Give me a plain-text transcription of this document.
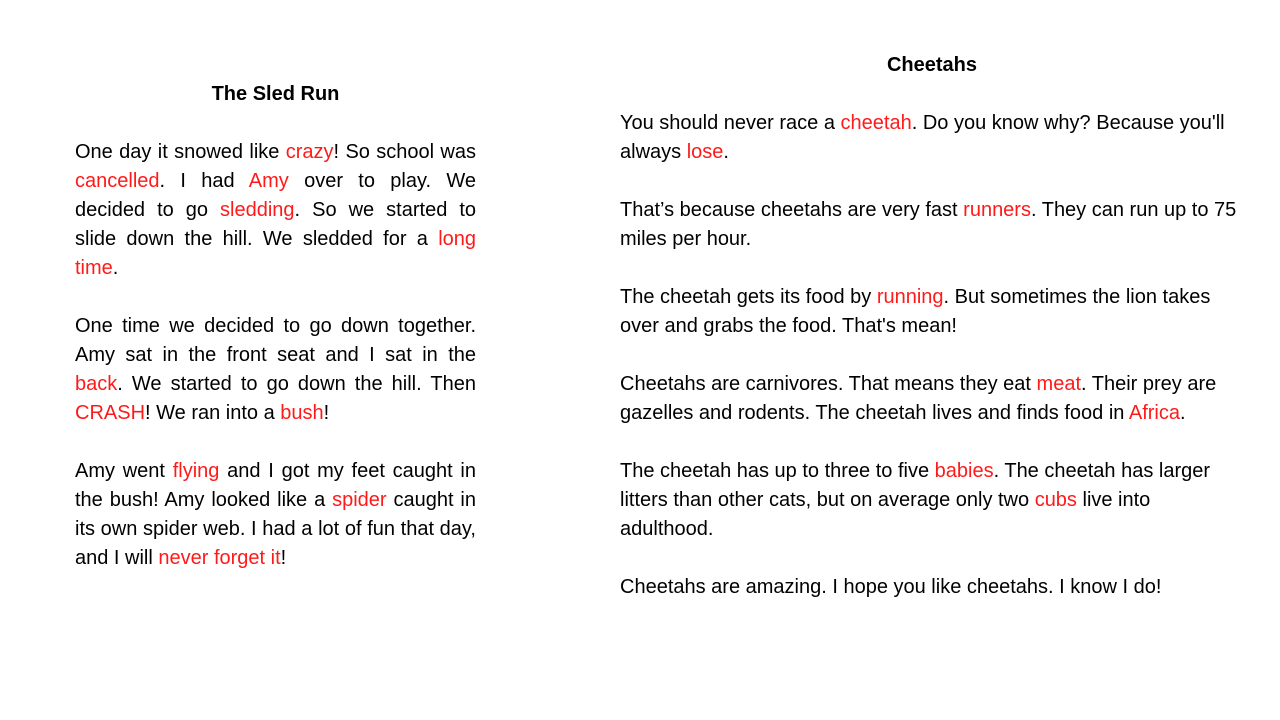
The Sled Run

One day it snowed like crazy! So school was cancelled. I had Amy over to play. We decided to go sledding. So we started to slide down the hill. We sledded for a long time.

One time we decided to go down together. Amy sat in the front seat and I sat in the back. We started to go down the hill. Then CRASH! We ran into a bush!

Amy went flying and I got my feet caught in the bush! Amy looked like a spider caught in its own spider web. I had a lot of fun that day, and I will never forget it!

Cheetahs

You should never race a cheetah. Do you know why? Because you'll always lose.

That’s because cheetahs are very fast runners. They can run up to 75 miles per hour.

The cheetah gets its food by running. But sometimes the lion takes over and grabs the food. That's mean!

Cheetahs are carnivores. That means they eat meat. Their prey are gazelles and rodents. The cheetah lives and finds food in Africa.

The cheetah has up to three to five babies. The cheetah has larger litters than other cats, but on average only two cubs live into adulthood.

Cheetahs are amazing. I hope you like cheetahs. I know I do!
